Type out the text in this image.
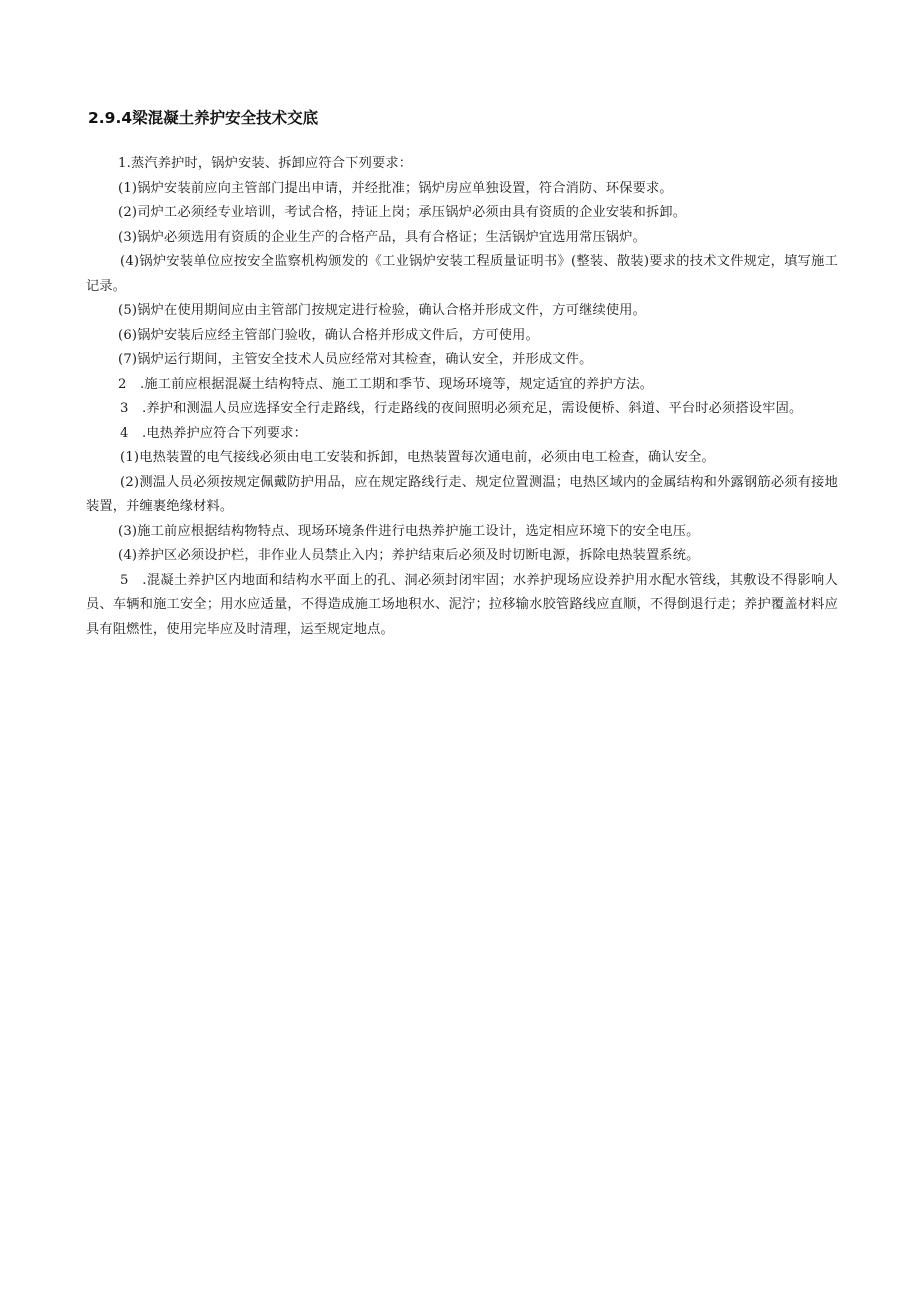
2.9.4梁混凝土养护安全技术交底

1.蒸汽养护时，锅炉安装、拆卸应符合下列要求：

(1)锅炉安装前应向主管部门提出申请，并经批准；锅炉房应单独设置，符合消防、环保要求。

(2)司炉工必须经专业培训，考试合格，持证上岗；承压锅炉必须由具有资质的企业安装和拆卸。

(3)锅炉必须选用有资质的企业生产的合格产品，具有合格证；生活锅炉宜选用常压锅炉。

(4)锅炉安装单位应按安全监察机构颁发的《工业锅炉安装工程质量证明书》(整装、散装)要求的技术文件规定，填写施工记录。

(5)锅炉在使用期间应由主管部门按规定进行检验，确认合格并形成文件，方可继续使用。

(6)锅炉安装后应经主管部门验收，确认合格并形成文件后，方可使用。

(7)锅炉运行期间，主管安全技术人员应经常对其检查，确认安全，并形成文件。

2　.施工前应根据混凝土结构特点、施工工期和季节、现场环境等，规定适宜的养护方法。

3　.养护和测温人员应选择安全行走路线，行走路线的夜间照明必须充足，需设便桥、斜道、平台时必须搭设牢固。

4　.电热养护应符合下列要求：

(1)电热装置的电气接线必须由电工安装和拆卸，电热装置每次通电前，必须由电工检查，确认安全。

(2)测温人员必须按规定佩戴防护用品，应在规定路线行走、规定位置测温；电热区域内的金属结构和外露钢筋必须有接地装置，并缠裹绝缘材料。

(3)施工前应根据结构物特点、现场环境条件进行电热养护施工设计，选定相应环境下的安全电压。

(4)养护区必须设护栏，非作业人员禁止入内；养护结束后必须及时切断电源，拆除电热装置系统。

5　.混凝土养护区内地面和结构水平面上的孔、洞必须封闭牢固；水养护现场应设养护用水配水管线，其敷设不得影响人员、车辆和施工安全；用水应适量，不得造成施工场地积水、泥泞；拉移输水胶管路线应直顺，不得倒退行走；养护覆盖材料应具有阻燃性，使用完毕应及时清理，运至规定地点。
